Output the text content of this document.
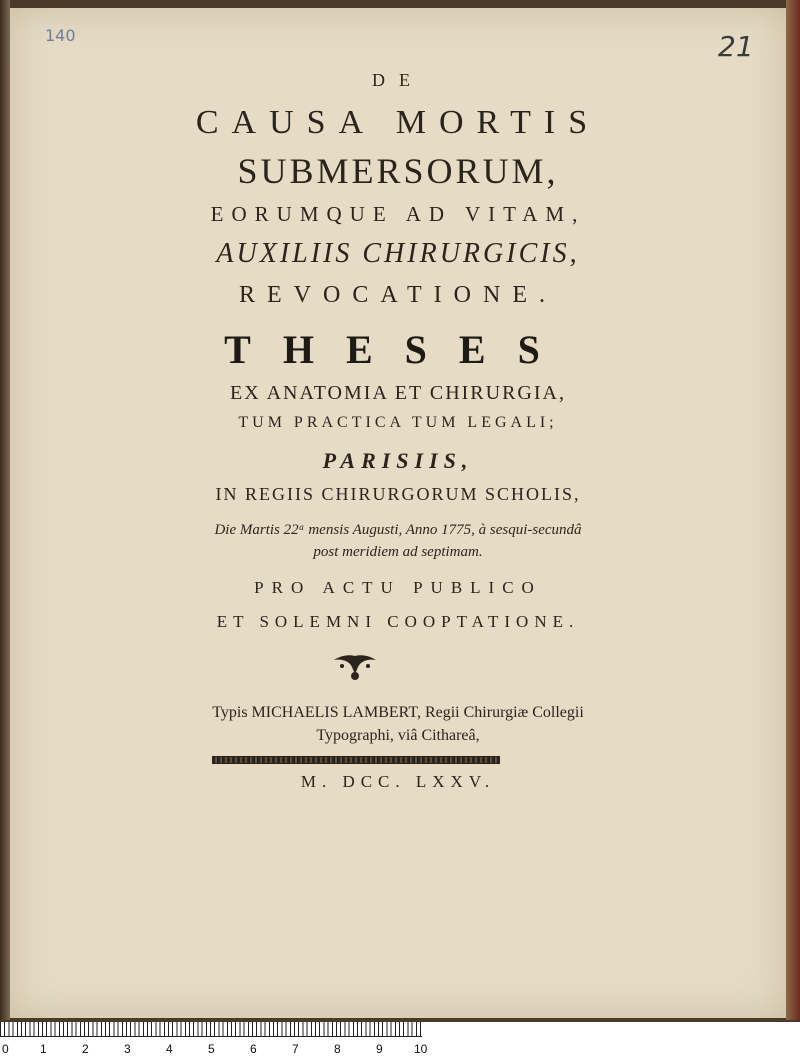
140	21

DE

CAUSA MORTIS

SUBMERSORUM,

EORUMQUE AD VITAM,

AUXILIIS CHIRURGICIS,

REVOCATIONE.

THESES

EX ANATOMIA ET CHIRURGIA,

TUM PRACTICA TUM LEGALI;

PARISIIS,

IN REGIIS CHIRURGORUM SCHOLIS,

Die Martis 22ᵃ mensis Augusti, Anno 1775, à sesqui-secundâ

post meridiem ad septimam.

PRO ACTU PUBLICO

ET SOLEMNI COOPTATIONE.

Typis MICHAELIS LAMBERT, Regii Chirurgiæ Collegii

Typographi, viâ Cithareâ,

M. DCC. LXXV.

0	1	2	3	4	5	6	7	8	9	10
